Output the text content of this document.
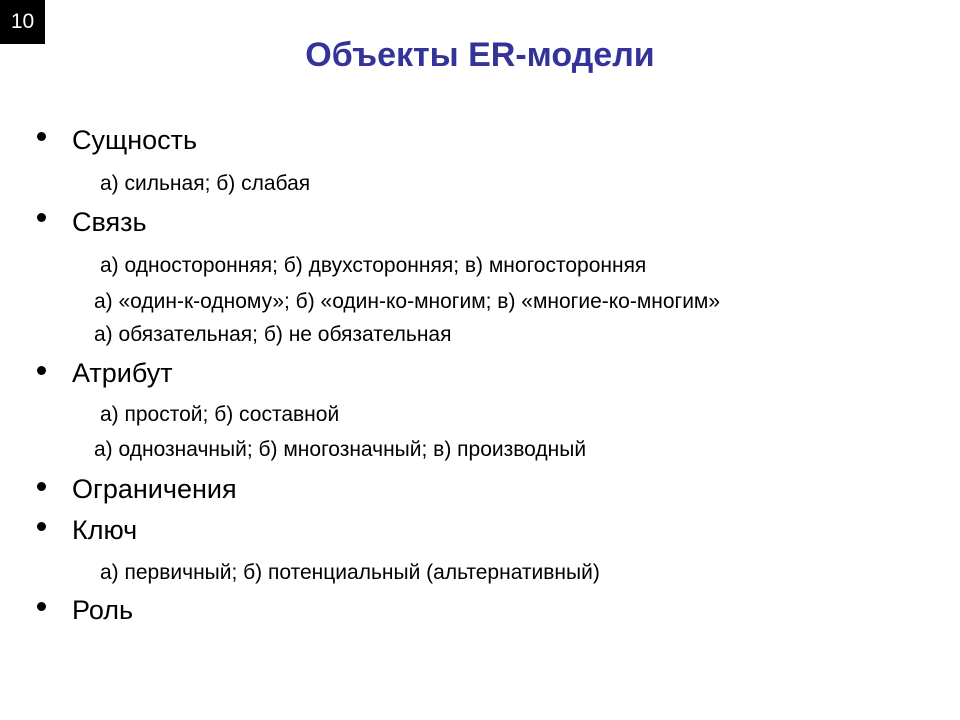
10
Объекты ER-модели
Сущность
а) сильная; б) слабая
Связь
а) односторонняя; б) двухсторонняя; в) многосторонняя
а) «один-к-одному»; б) «один-ко-многим; в) «многие-ко-многим»
а) обязательная; б) не обязательная
Атрибут
а) простой; б) составной
а) однозначный; б) многозначный; в) производный
Ограничения
Ключ
а) первичный; б) потенциальный (альтернативный)
Роль
